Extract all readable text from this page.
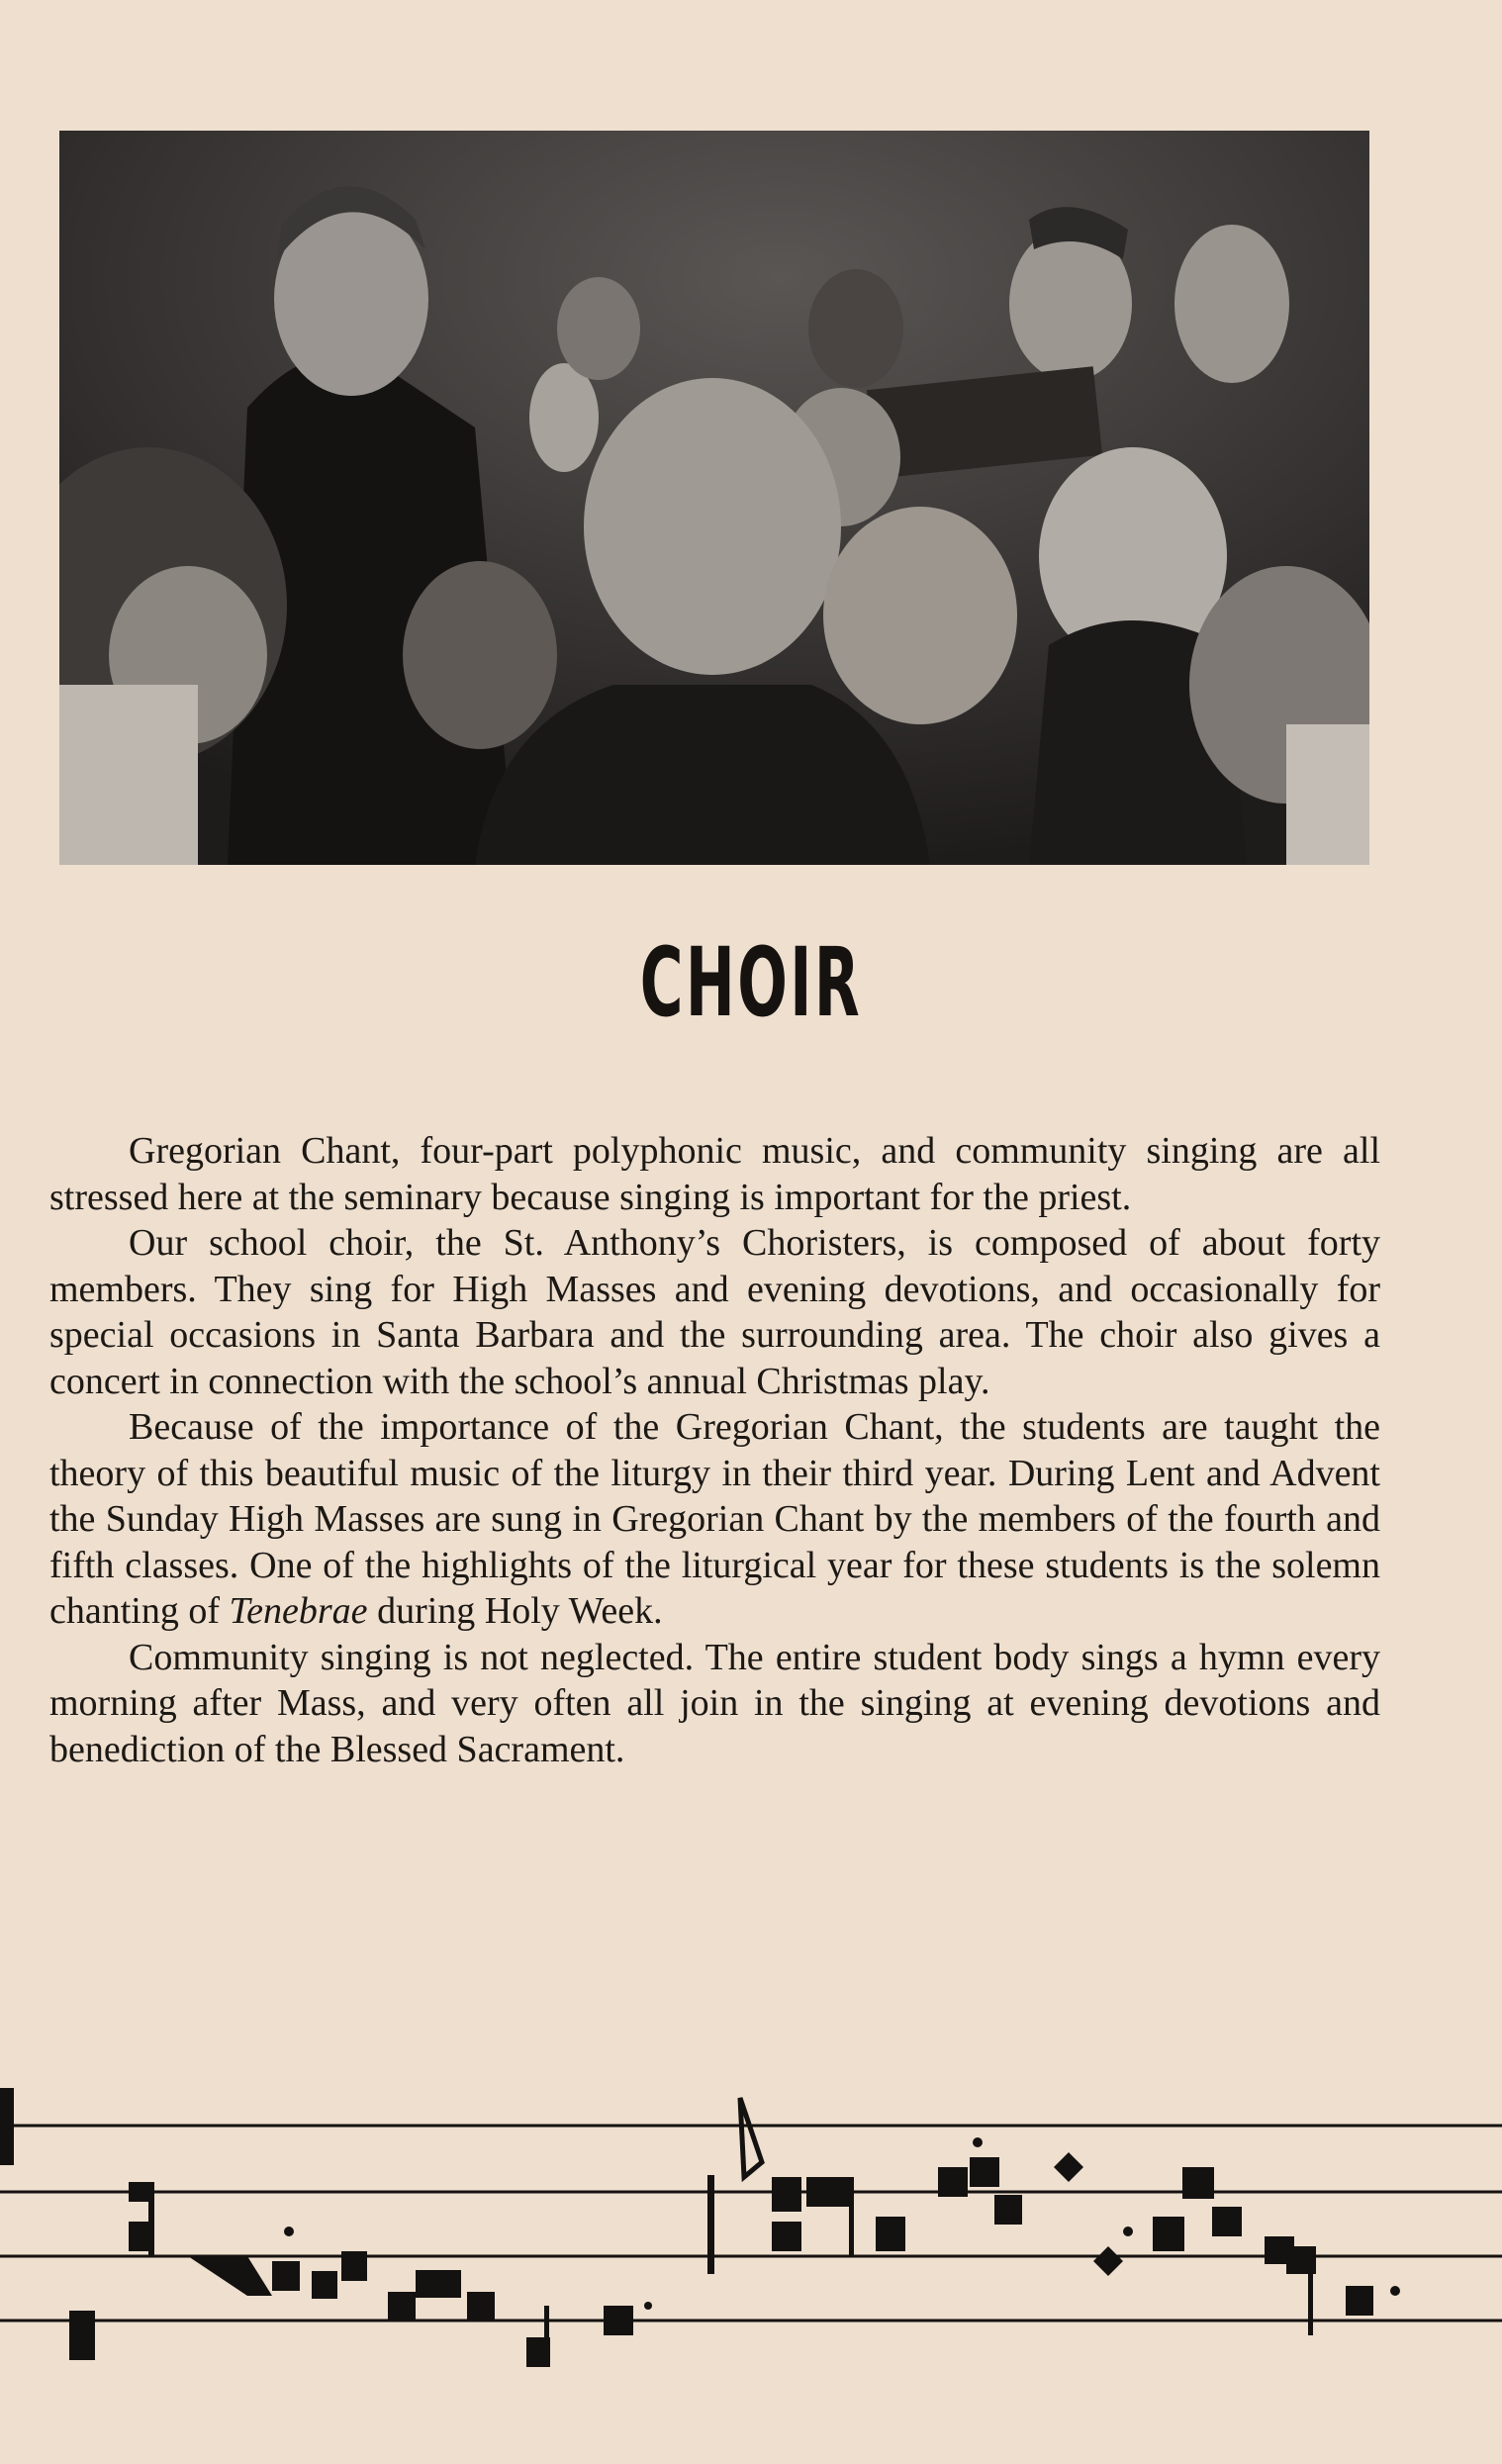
CHOIR

Gregorian Chant, four-part polyphonic music, and community singing are all stressed here at the seminary because singing is important for the priest.

Our school choir, the St. Anthony’s Choristers, is composed of about forty members. They sing for High Masses and evening devotions, and occasionally for special occasions in Santa Barbara and the surrounding area. The choir also gives a concert in connection with the school’s annual Christmas play.

Because of the importance of the Gregorian Chant, the students are taught the theory of this beautiful music of the liturgy in their third year. During Lent and Advent the Sunday High Masses are sung in Gregorian Chant by the members of the fourth and fifth classes. One of the highlights of the liturgical year for these students is the solemn chanting of Tenebrae during Holy Week.

Community singing is not neglected. The entire student body sings a hymn every morning after Mass, and very often all join in the singing at evening devotions and benediction of the Blessed Sacrament.
